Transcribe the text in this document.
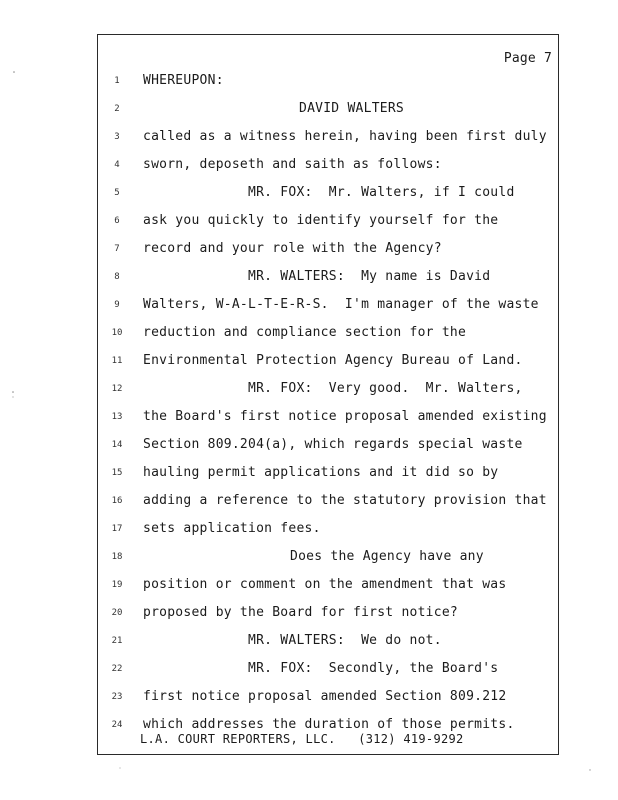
Page 7
1	WHEREUPON:
2	DAVID WALTERS
3	called as a witness herein, having been first duly
4	sworn, deposeth and saith as follows:
5	MR. FOX:  Mr. Walters, if I could
6	ask you quickly to identify yourself for the
7	record and your role with the Agency?
8	MR. WALTERS:  My name is David
9	Walters, W-A-L-T-E-R-S.  I'm manager of the waste
10 reduction and compliance section for the
11 Environmental Protection Agency Bureau of Land.
12	MR. FOX:  Very good.  Mr. Walters,
13 the Board's first notice proposal amended existing
14 Section 809.204(a), which regards special waste
15 hauling permit applications and it did so by
16 adding a reference to the statutory provision that
17 sets application fees.
18	Does the Agency have any
19 position or comment on the amendment that was
20 proposed by the Board for first notice?
21	MR. WALTERS:  We do not.
22	MR. FOX:  Secondly, the Board's
23 first notice proposal amended Section 809.212
24 which addresses the duration of those permits.
L.A. COURT REPORTERS, LLC.   (312) 419-9292
